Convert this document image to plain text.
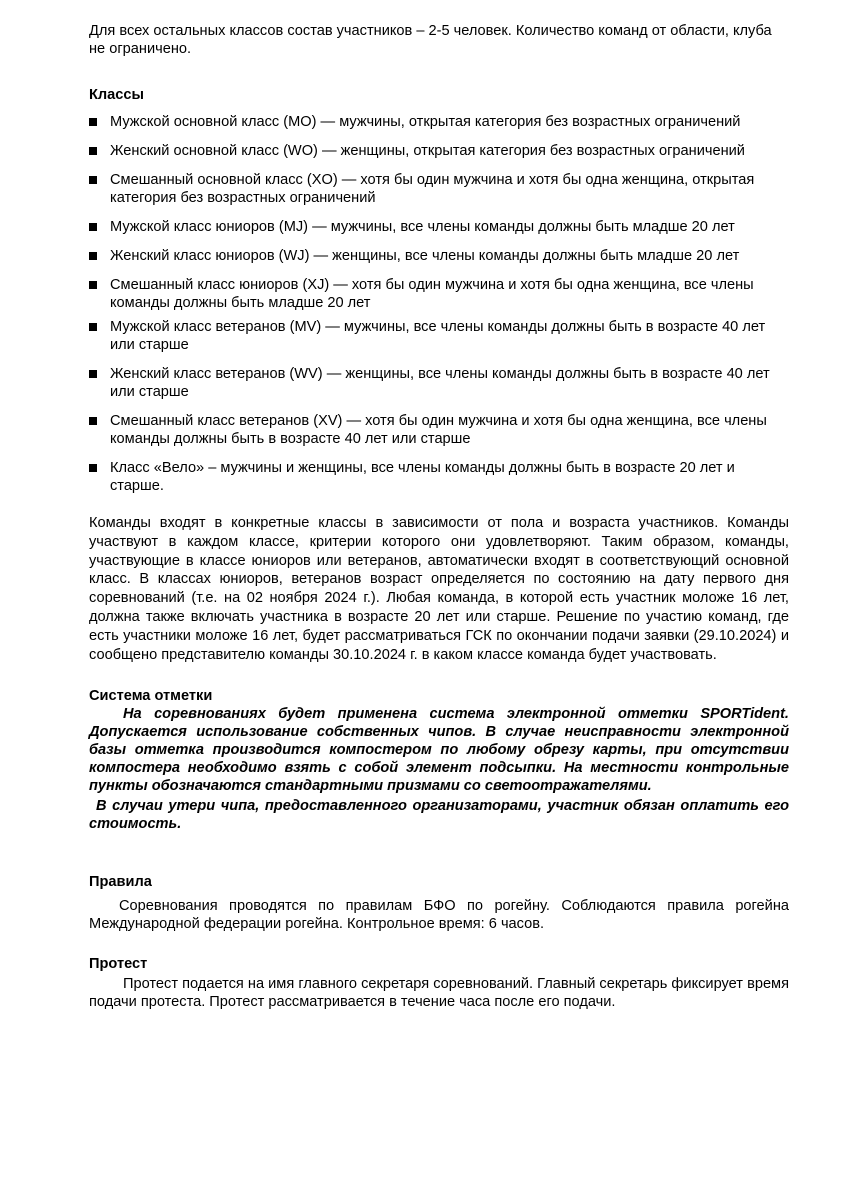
Для всех остальных классов состав участников – 2-5 человек. Количество команд от области, клуба не ограничено.

Классы
Мужской основной класс (MO) — мужчины, открытая категория без возрастных ограничений
Женский основной класс (WO) — женщины, открытая категория без возрастных ограничений
Смешанный основной класс (XO) — хотя бы один мужчина и хотя бы одна женщина, открытая категория без возрастных ограничений
Мужской класс юниоров (MJ) — мужчины, все члены команды должны быть младше 20 лет
Женский класс юниоров (WJ) — женщины, все члены команды должны быть младше 20 лет
Смешанный класс юниоров (XJ) — хотя бы один мужчина и хотя бы одна женщина, все члены команды должны быть младше 20 лет
Мужской класс ветеранов (MV) — мужчины, все члены команды должны быть в возрасте 40 лет или старше
Женский класс ветеранов (WV) — женщины, все члены команды должны быть в возрасте 40 лет или старше
Смешанный класс ветеранов (XV) — хотя бы один мужчина и хотя бы одна женщина, все члены команды должны быть в возрасте 40 лет или старше
Класс «Вело» – мужчины и женщины, все члены команды должны быть в возрасте 20 лет и старше.

Команды входят в конкретные классы в зависимости от пола и возраста участников. Команды участвуют в каждом классе, критерии которого они удовлетворяют. Таким образом, команды, участвующие в классе юниоров или ветеранов, автоматически входят в соответствующий основной класс. В классах юниоров, ветеранов возраст определяется по состоянию на дату первого дня соревнований (т.е. на 02 ноября 2024 г.). Любая команда, в которой есть участник моложе 16 лет, должна также включать участника в возрасте 20 лет или старше. Решение по участию команд, где есть участники моложе 16 лет, будет рассматриваться ГСК по окончании подачи заявки (29.10.2024) и сообщено представителю команды 30.10.2024 г. в каком классе команда будет участвовать.

Система отметки

На соревнованиях будет применена система электронной отметки SPORTident. Допускается использование собственных чипов. В случае неисправности электронной базы отметка производится компостером по любому обрезу карты, при отсутствии компостера необходимо взять с собой элемент подсыпки. На местности контрольные пункты обозначаются стандартными призмами со светоотражателями.

В случаи утери чипа, предоставленного организаторами, участник обязан оплатить его стоимость.

Правила

Соревнования проводятся по правилам БФО по рогейну. Соблюдаются правила рогейна Международной федерации рогейна. Контрольное время: 6 часов.

Протест

Протест подается на имя главного секретаря соревнований. Главный секретарь фиксирует время подачи протеста. Протест рассматривается в течение часа после его подачи.
